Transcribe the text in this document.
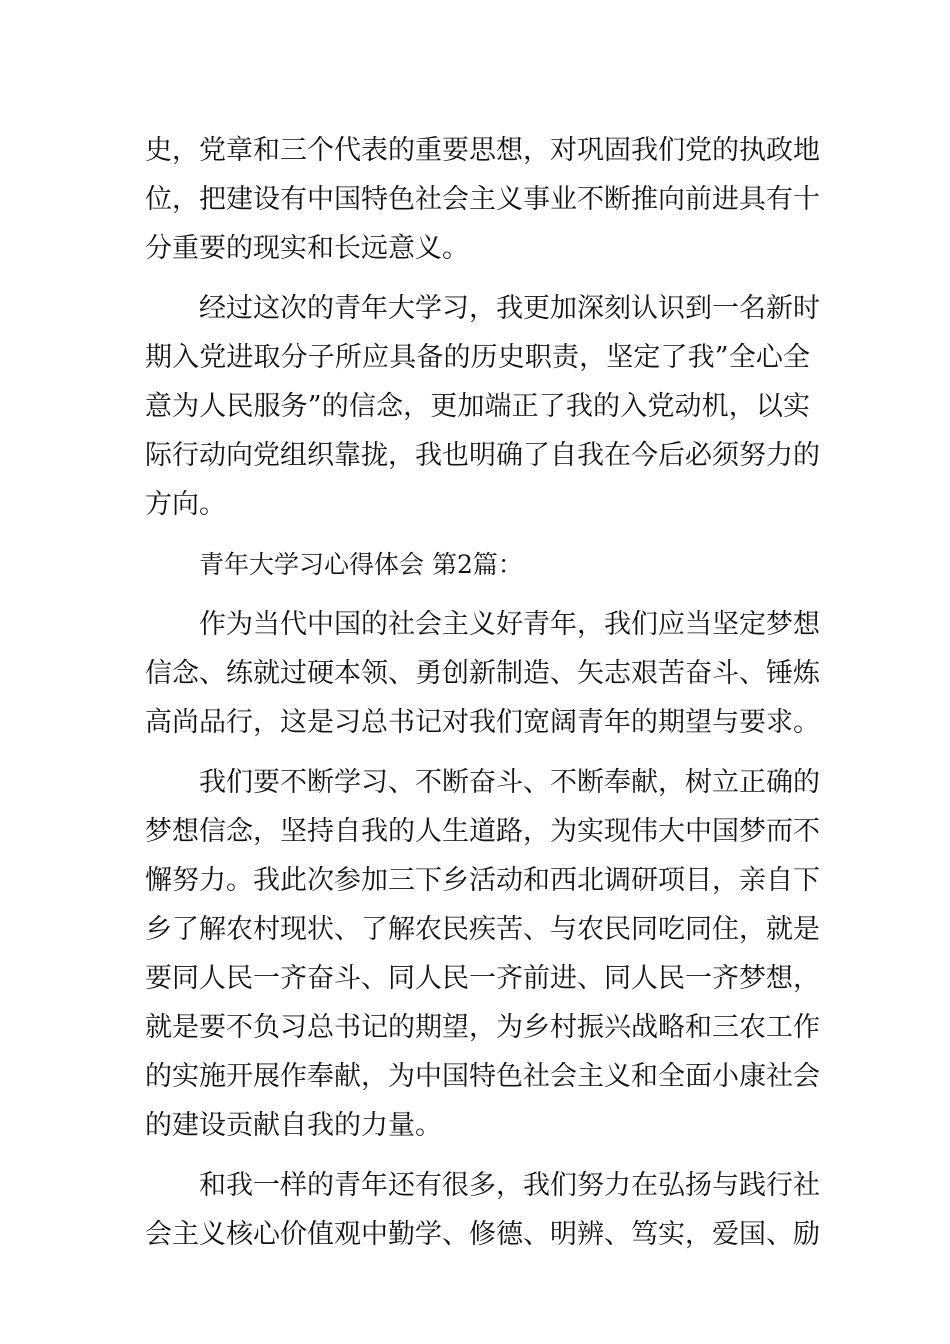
史，党章和三个代表的重要思想，对巩固我们党的执政地
位，把建设有中国特色社会主义事业不断推向前进具有十
分重要的现实和长远意义。

经过这次的青年大学习，我更加深刻认识到一名新时
期入党进取分子所应具备的历史职责，坚定了我”全心全
意为人民服务”的信念，更加端正了我的入党动机，以实
际行动向党组织靠拢，我也明确了自我在今后必须努力的
方向。

青年大学习心得体会 第2篇：

作为当代中国的社会主义好青年，我们应当坚定梦想
信念、练就过硬本领、勇创新制造、矢志艰苦奋斗、锤炼
高尚品行，这是习总书记对我们宽阔青年的期望与要求。

我们要不断学习、不断奋斗、不断奉献，树立正确的
梦想信念，坚持自我的人生道路，为实现伟大中国梦而不
懈努力。我此次参加三下乡活动和西北调研项目，亲自下
乡了解农村现状、了解农民疾苦、与农民同吃同住，就是
要同人民一齐奋斗、同人民一齐前进、同人民一齐梦想，
就是要不负习总书记的期望，为乡村振兴战略和三农工作
的实施开展作奉献，为中国特色社会主义和全面小康社会
的建设贡献自我的力量。

和我一样的青年还有很多，我们努力在弘扬与践行社
会主义核心价值观中勤学、修德、明辨、笃实，爱国、励
